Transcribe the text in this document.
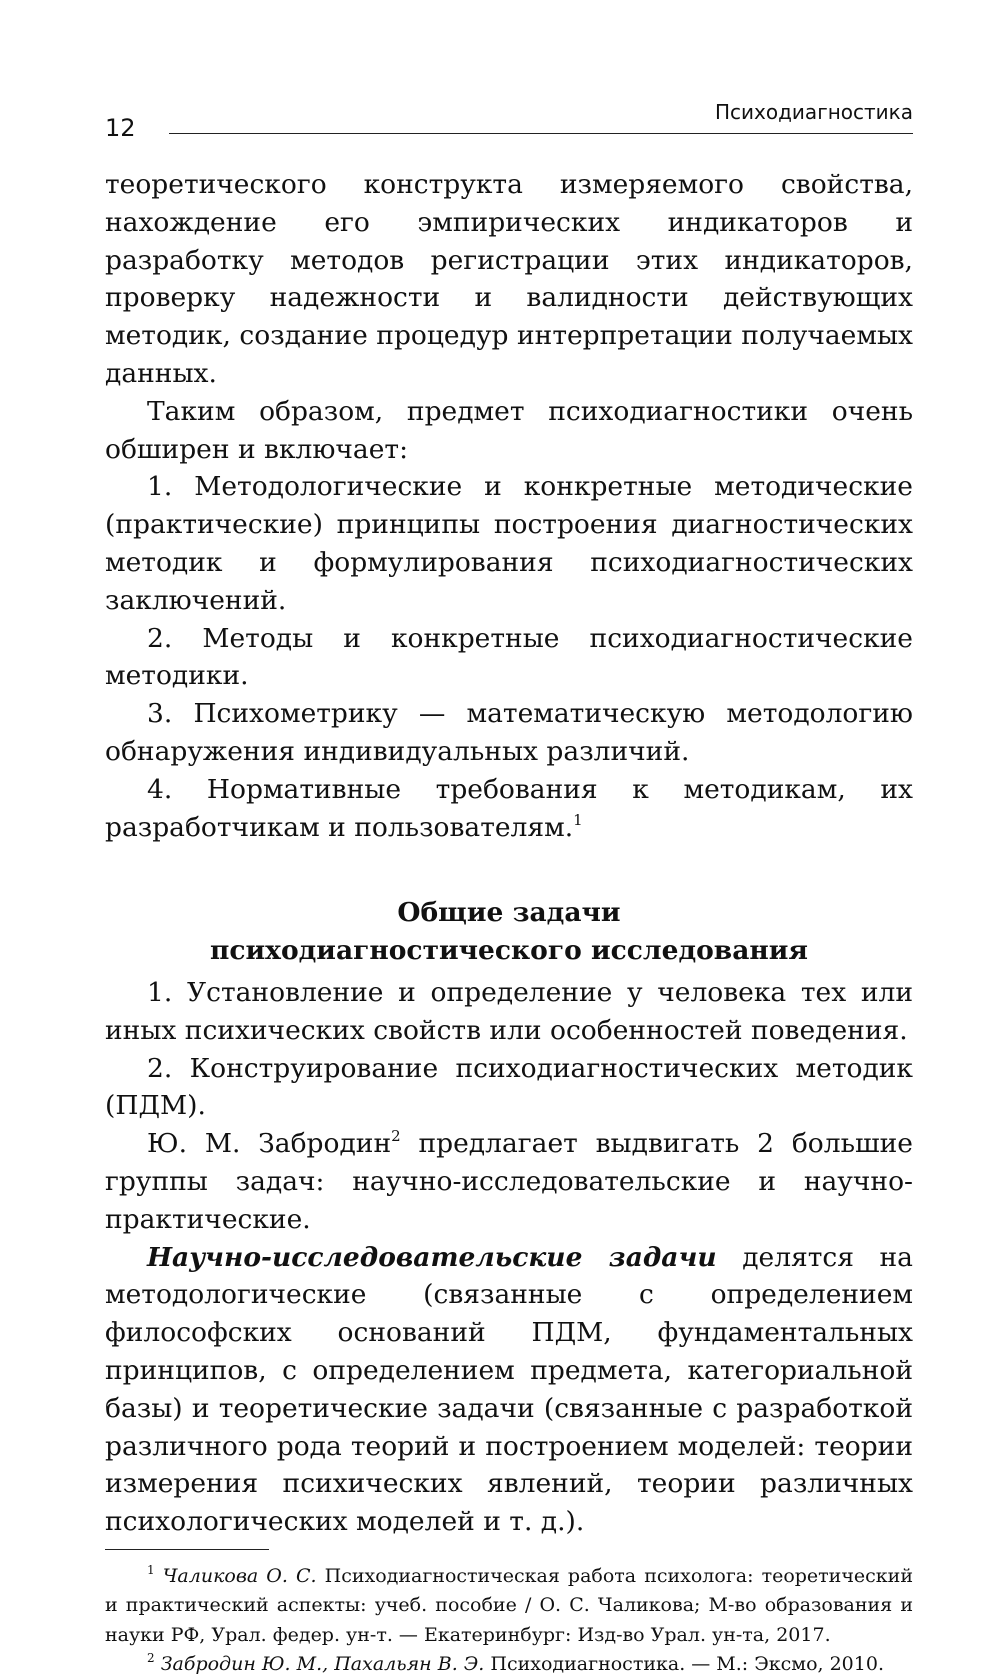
12
Психодиагностика

теоретического конструкта измеряемого свойства, нахождение его эмпирических индикаторов и разработку методов регистрации этих индикаторов, проверку надежности и валидности действующих методик, создание процедур интерпретации получаемых данных.

Таким образом, предмет психодиагностики очень обширен и включает:

1. Методологические и конкретные методические (практические) принципы построения диагностических методик и формулирования психодиагностических заключений.

2. Методы и конкретные психодиагностические методики.

3. Психометрику — математическую методологию обнаружения индивидуальных различий.

4. Нормативные требования к методикам, их разработчикам и пользователям.$^1$

Общие задачи
психодиагностического исследования

1. Установление и определение у человека тех или иных психических свойств или особенностей поведения.

2. Конструирование психодиагностических методик (ПДМ).

Ю. М. Забродин$^2$ предлагает выдвигать 2 большие группы задач: научно-исследовательские и научно-практические.

Научно-исследовательские задачи делятся на методологические (связанные с определением философских оснований ПДМ, фундаментальных принципов, с определением предмета, категориальной базы) и теоретические задачи (связанные с разработкой различного рода теорий и построением моделей: теории измерения психических явлений, теории различных психологических моделей и т. д.).

$^1$ Чаликова О. С. Психодиагностическая работа психолога: теоретический и практический аспекты: учеб. пособие / О. С. Чаликова; М-во образования и науки РФ, Урал. федер. ун-т. — Екатеринбург: Изд-во Урал. ун-та, 2017.

$^2$ Забродин Ю. М., Пахальян В. Э. Психодиагностика. — М.: Эксмо, 2010.
